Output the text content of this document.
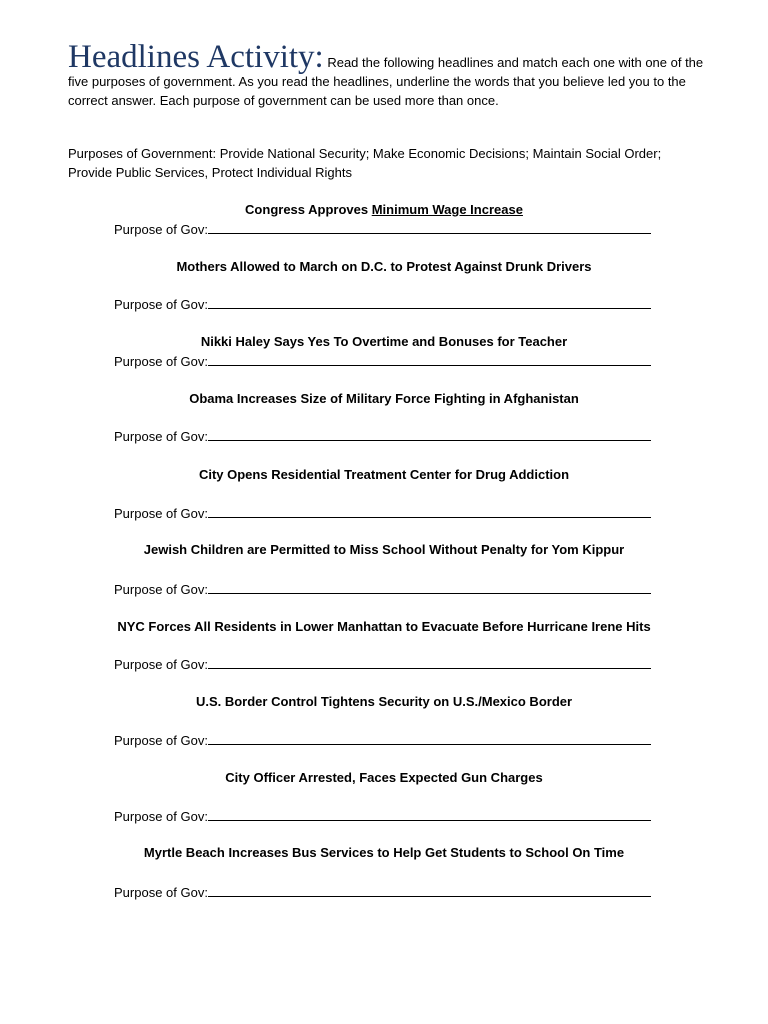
Headlines Activity: Read the following headlines and match each one with one of the five purposes of government. As you read the headlines, underline the words that you believe led you to the correct answer. Each purpose of government can be used more than once.
Purposes of Government: Provide National Security; Make Economic Decisions; Maintain Social Order; Provide Public Services, Protect Individual Rights
Congress Approves Minimum Wage Increase
Purpose of Gov:
Mothers Allowed to March on D.C. to Protest Against Drunk Drivers
Purpose of Gov:
Nikki Haley Says Yes To Overtime and Bonuses for Teacher
Purpose of Gov:
Obama Increases Size of Military Force Fighting in Afghanistan
Purpose of Gov:
City Opens Residential Treatment Center for Drug Addiction
Purpose of Gov:
Jewish Children are Permitted to Miss School Without Penalty for Yom Kippur
Purpose of Gov:
NYC Forces All Residents in Lower Manhattan to Evacuate Before Hurricane Irene Hits
Purpose of Gov:
U.S. Border Control Tightens Security on U.S./Mexico Border
Purpose of Gov:
City Officer Arrested, Faces Expected Gun Charges
Purpose of Gov:
Myrtle Beach Increases Bus Services to Help Get Students to School On Time
Purpose of Gov:
